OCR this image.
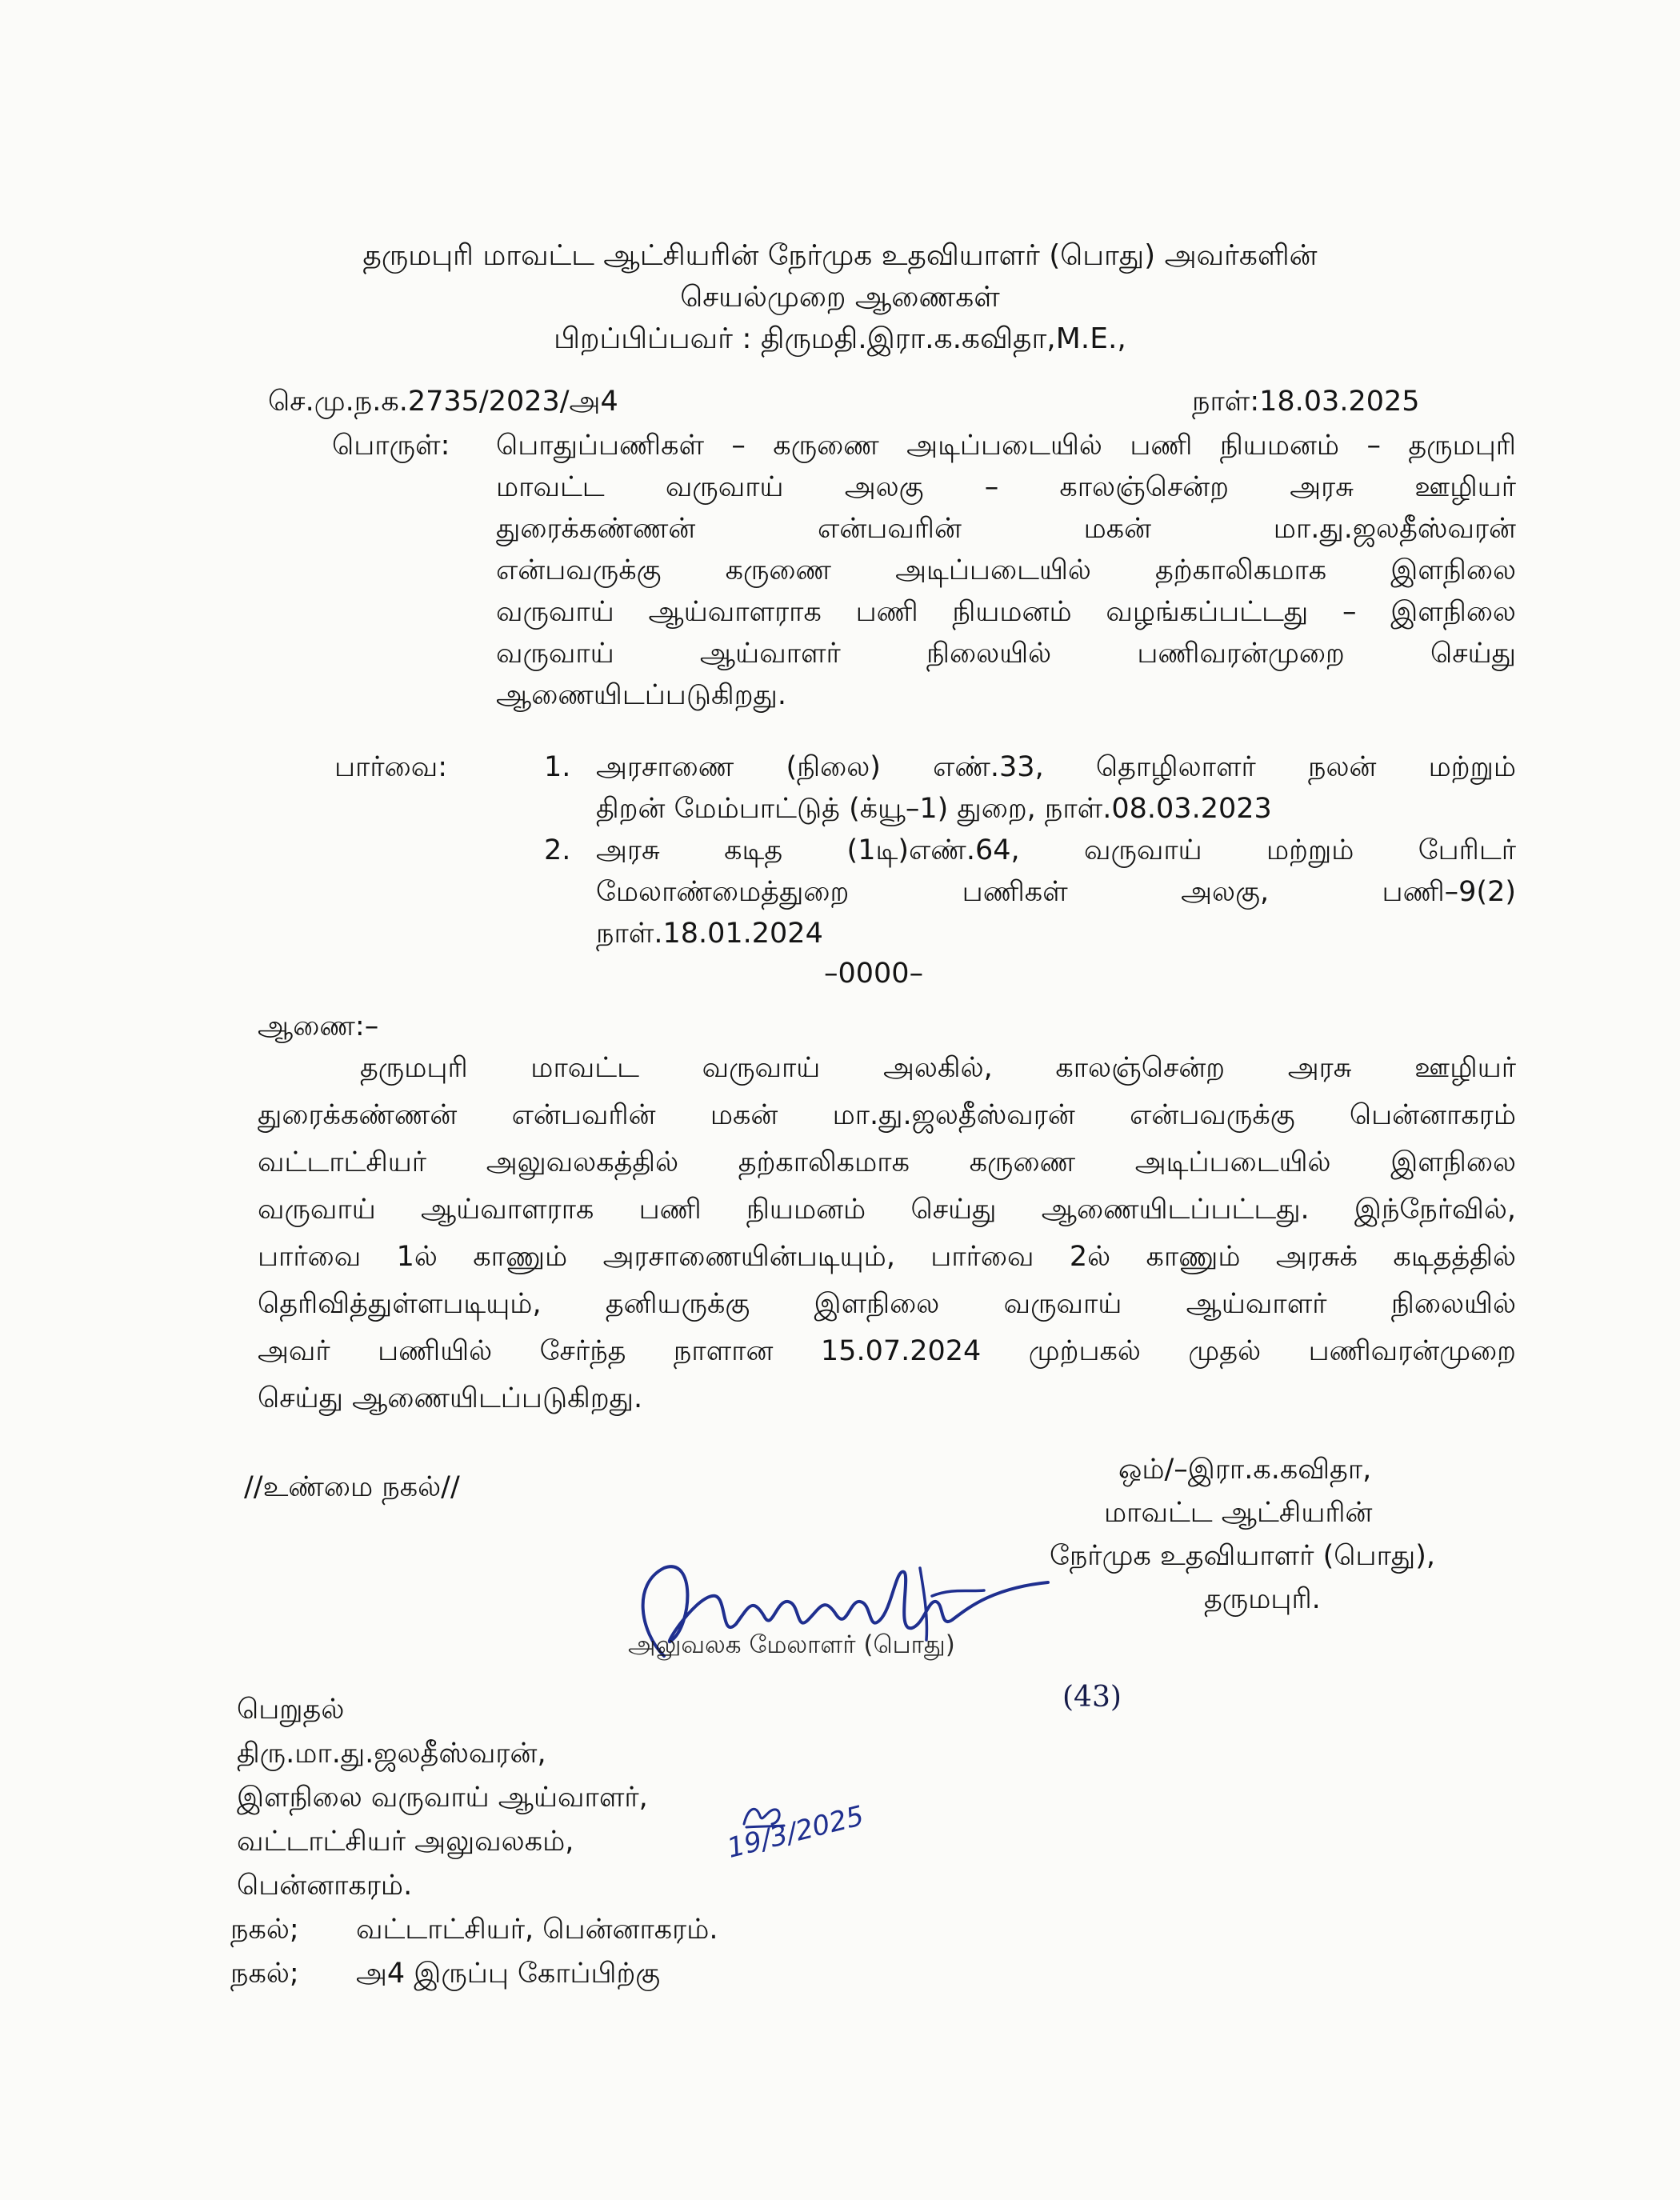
தருமபுரி மாவட்ட ஆட்சியரின் நேர்முக உதவியாளர் (பொது) அவர்களின்
செயல்முறை ஆணைகள்
பிறப்பிப்பவர் : திருமதி.இரா.க.கவிதா,M.E.,
செ.மு.ந.க.2735/2023/அ4	நாள்:18.03.2025
பொருள்: பொதுப்பணிகள் – கருணை அடிப்படையில் பணி நியமனம் – தருமபுரி
மாவட்ட வருவாய் அலகு – காலஞ்சென்ற அரசு ஊழியர்
துரைக்கண்ணன் என்பவரின் மகன் மா.து.ஜலதீஸ்வரன்
என்பவருக்கு கருணை அடிப்படையில் தற்காலிகமாக இளநிலை
வருவாய் ஆய்வாளராக பணி நியமனம் வழங்கப்பட்டது – இளநிலை
வருவாய் ஆய்வாளர் நிலையில் பணிவரன்முறை செய்து
ஆணையிடப்படுகிறது.
பார்வை:	1. அரசாணை (நிலை) எண்.33, தொழிலாளர் நலன் மற்றும்
திறன் மேம்பாட்டுத் (க்யூ–1) துறை, நாள்.08.03.2023
2. அரசு கடித (1டி)எண்.64, வருவாய் மற்றும் பேரிடர்
மேலாண்மைத்துறை பணிகள் அலகு, பணி–9(2)
நாள்.18.01.2024
–0000–
ஆணை:–
தருமபுரி மாவட்ட வருவாய் அலகில், காலஞ்சென்ற அரசு ஊழியர்
துரைக்கண்ணன் என்பவரின் மகன் மா.து.ஜலதீஸ்வரன் என்பவருக்கு பென்னாகரம்
வட்டாட்சியர் அலுவலகத்தில் தற்காலிகமாக கருணை அடிப்படையில் இளநிலை
வருவாய் ஆய்வாளராக பணி நியமனம் செய்து ஆணையிடப்பட்டது. இந்நேர்வில்,
பார்வை 1ல் காணும் அரசாணையின்படியும், பார்வை 2ல் காணும் அரசுக் கடிதத்தில்
தெரிவித்துள்ளபடியும், தனியருக்கு இளநிலை வருவாய் ஆய்வாளர் நிலையில்
அவர் பணியில் சேர்ந்த நாளான 15.07.2024 முற்பகல் முதல் பணிவரன்முறை
செய்து ஆணையிடப்படுகிறது.
//உண்மை நகல்//
ஒம்/–இரா.க.கவிதா,
மாவட்ட ஆட்சியரின்
நேர்முக உதவியாளர் (பொது),
தருமபுரி.
அலுவலக மேலாளர் (பொது)
(43)
19/3/2025
பெறுதல்
திரு.மா.து.ஜலதீஸ்வரன்,
இளநிலை வருவாய் ஆய்வாளர்,
வட்டாட்சியர் அலுவலகம்,
பென்னாகரம்.
நகல்; வட்டாட்சியர், பென்னாகரம்.
நகல்; அ4 இருப்பு கோப்பிற்கு
